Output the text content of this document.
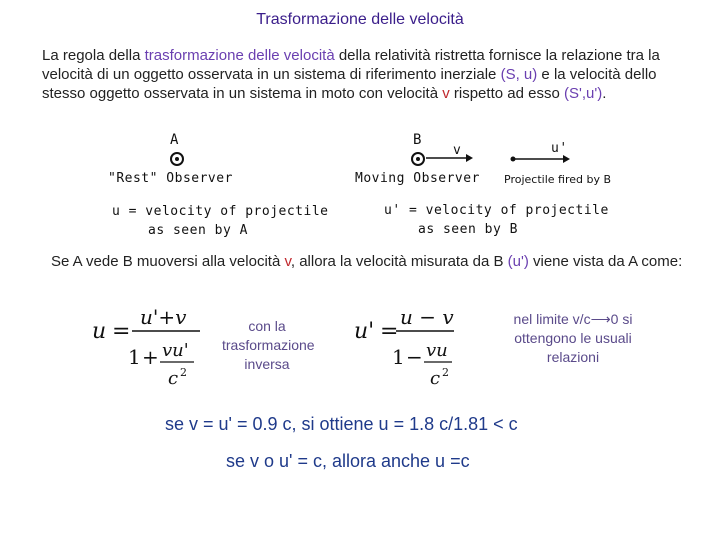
Trasformazione delle velocità
La regola della trasformazione delle velocità della relatività ristretta fornisce la relazione tra la velocità di un oggetto osservata in un sistema di riferimento inerziale (S, u) e la velocità dello stesso oggetto osservata in un sistema in moto con velocità v rispetto ad esso (S',u').
A
"Rest" Observer
B
v
Moving Observer
u'
Projectile fired by B
u = velocity of projectile
as seen by A
u' = velocity of projectile
as seen by B
Se A vede B muoversi alla velocità v, allora la velocità misurata da B (u') viene vista da A come:
u =
u'+v
1 + vu'
c 2
con la trasformazione inversa
u' =
u − v
1 − vu
c 2
nel limite v/c⟶0 si ottengono le usuali relazioni
se v = u' = 0.9 c, si ottiene u = 1.8 c/1.81 < c
se v o u' = c, allora anche u =c
